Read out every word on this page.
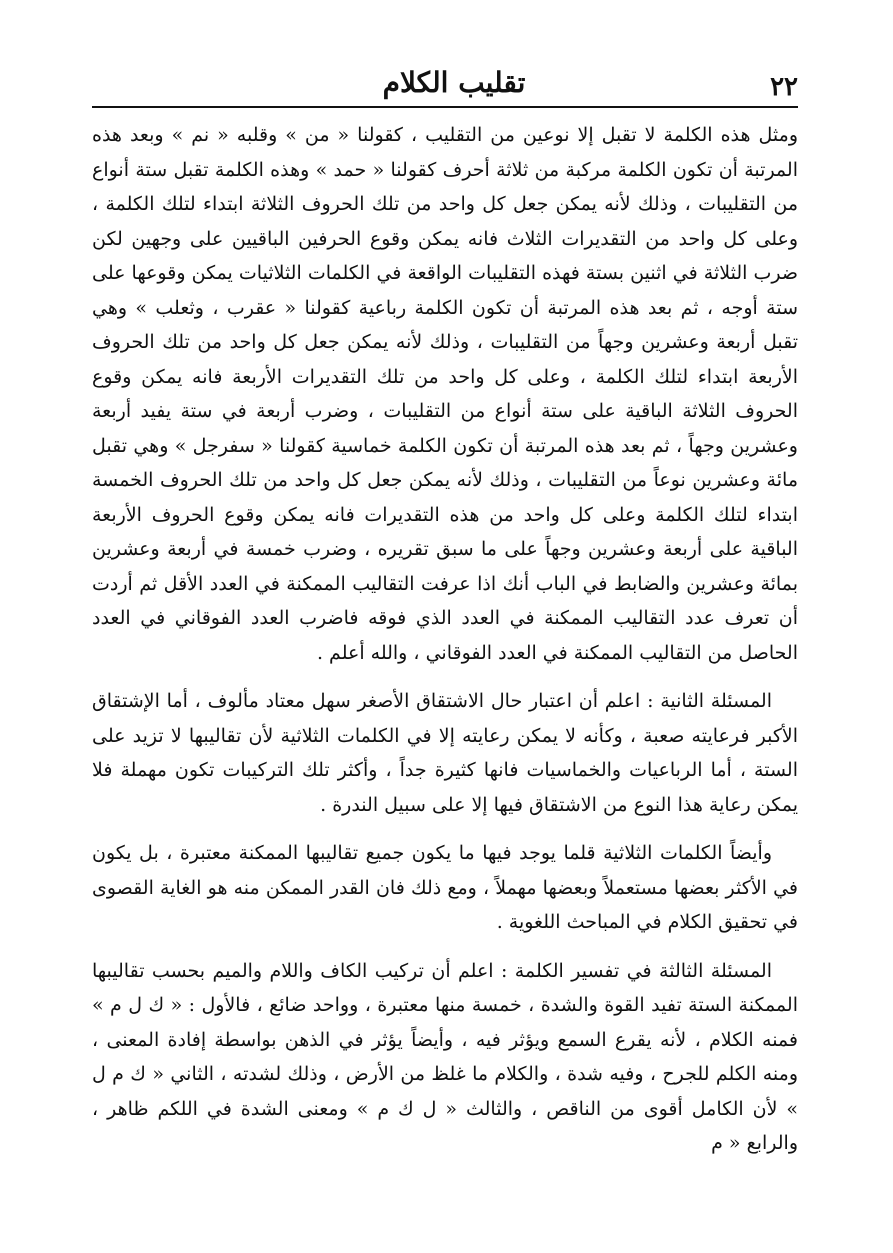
٢٢
تقليب الكلام

ومثل هذه الكلمة لا تقبل إلا نوعين من التقليب ، كقولنا « من » وقلبه « نم » وبعد هذه المرتبة أن تكون الكلمة مركبة من ثلاثة أحرف كقولنا « حمد » وهذه الكلمة تقبل ستة أنواع من التقليبات ، وذلك لأنه يمكن جعل كل واحد من تلك الحروف الثلاثة ابتداء لتلك الكلمة ، وعلى كل واحد من التقديرات الثلاث فانه يمكن وقوع الحرفين الباقيين على وجهين لكن ضرب الثلاثة في اثنين بستة فهذه التقليبات الواقعة في الكلمات الثلاثيات يمكن وقوعها على ستة أوجه ، ثم بعد هذه المرتبة أن تكون الكلمة رباعية كقولنا « عقرب ، وثعلب » وهي تقبل أربعة وعشرين وجهاً من التقليبات ، وذلك لأنه يمكن جعل كل واحد من تلك الحروف الأربعة ابتداء لتلك الكلمة ، وعلى كل واحد من تلك التقديرات الأربعة فانه يمكن وقوع الحروف الثلاثة الباقية على ستة أنواع من التقليبات ، وضرب أربعة في ستة يفيد أربعة وعشرين وجهاً ، ثم بعد هذه المرتبة أن تكون الكلمة خماسية كقولنا « سفرجل » وهي تقبل مائة وعشرين نوعاً من التقليبات ، وذلك لأنه يمكن جعل كل واحد من تلك الحروف الخمسة ابتداء لتلك الكلمة وعلى كل واحد من هذه التقديرات فانه يمكن وقوع الحروف الأربعة الباقية على أربعة وعشرين وجهاً على ما سبق تقريره ، وضرب خمسة في أربعة وعشرين بمائة وعشرين والضابط في الباب أنك اذا عرفت التقاليب الممكنة في العدد الأقل ثم أردت أن تعرف عدد التقاليب الممكنة في العدد الذي فوقه فاضرب العدد الفوقاني في العدد الحاصل من التقاليب الممكنة في العدد الفوقاني ، والله أعلم .

المسئلة الثانية : اعلم أن اعتبار حال الاشتقاق الأصغر سهل معتاد مألوف ، أما الإشتقاق الأكبر فرعايته صعبة ، وكأنه لا يمكن رعايته إلا في الكلمات الثلاثية لأن تقاليبها لا تزيد على الستة ، أما الرباعيات والخماسيات فانها كثيرة جداً ، وأكثر تلك التركيبات تكون مهملة فلا يمكن رعاية هذا النوع من الاشتقاق فيها إلا على سبيل الندرة .

وأيضاً الكلمات الثلاثية قلما يوجد فيها ما يكون جميع تقاليبها الممكنة معتبرة ، بل يكون في الأكثر بعضها مستعملاً وبعضها مهملاً ، ومع ذلك فان القدر الممكن منه هو الغاية القصوى في تحقيق الكلام في المباحث اللغوية .

المسئلة الثالثة في تفسير الكلمة : اعلم أن تركيب الكاف واللام والميم بحسب تقاليبها الممكنة الستة تفيد القوة والشدة ، خمسة منها معتبرة ، وواحد ضائع ، فالأول : « ك ل م » فمنه الكلام ، لأنه يقرع السمع ويؤثر فيه ، وأيضاً يؤثر في الذهن بواسطة إفادة المعنى ، ومنه الكلم للجرح ، وفيه شدة ، والكلام ما غلظ من الأرض ، وذلك لشدته ، الثاني « ك م ل » لأن الكامل أقوى من الناقص ، والثالث « ل ك م » ومعنى الشدة في اللكم ظاهر ، والرابع « م
